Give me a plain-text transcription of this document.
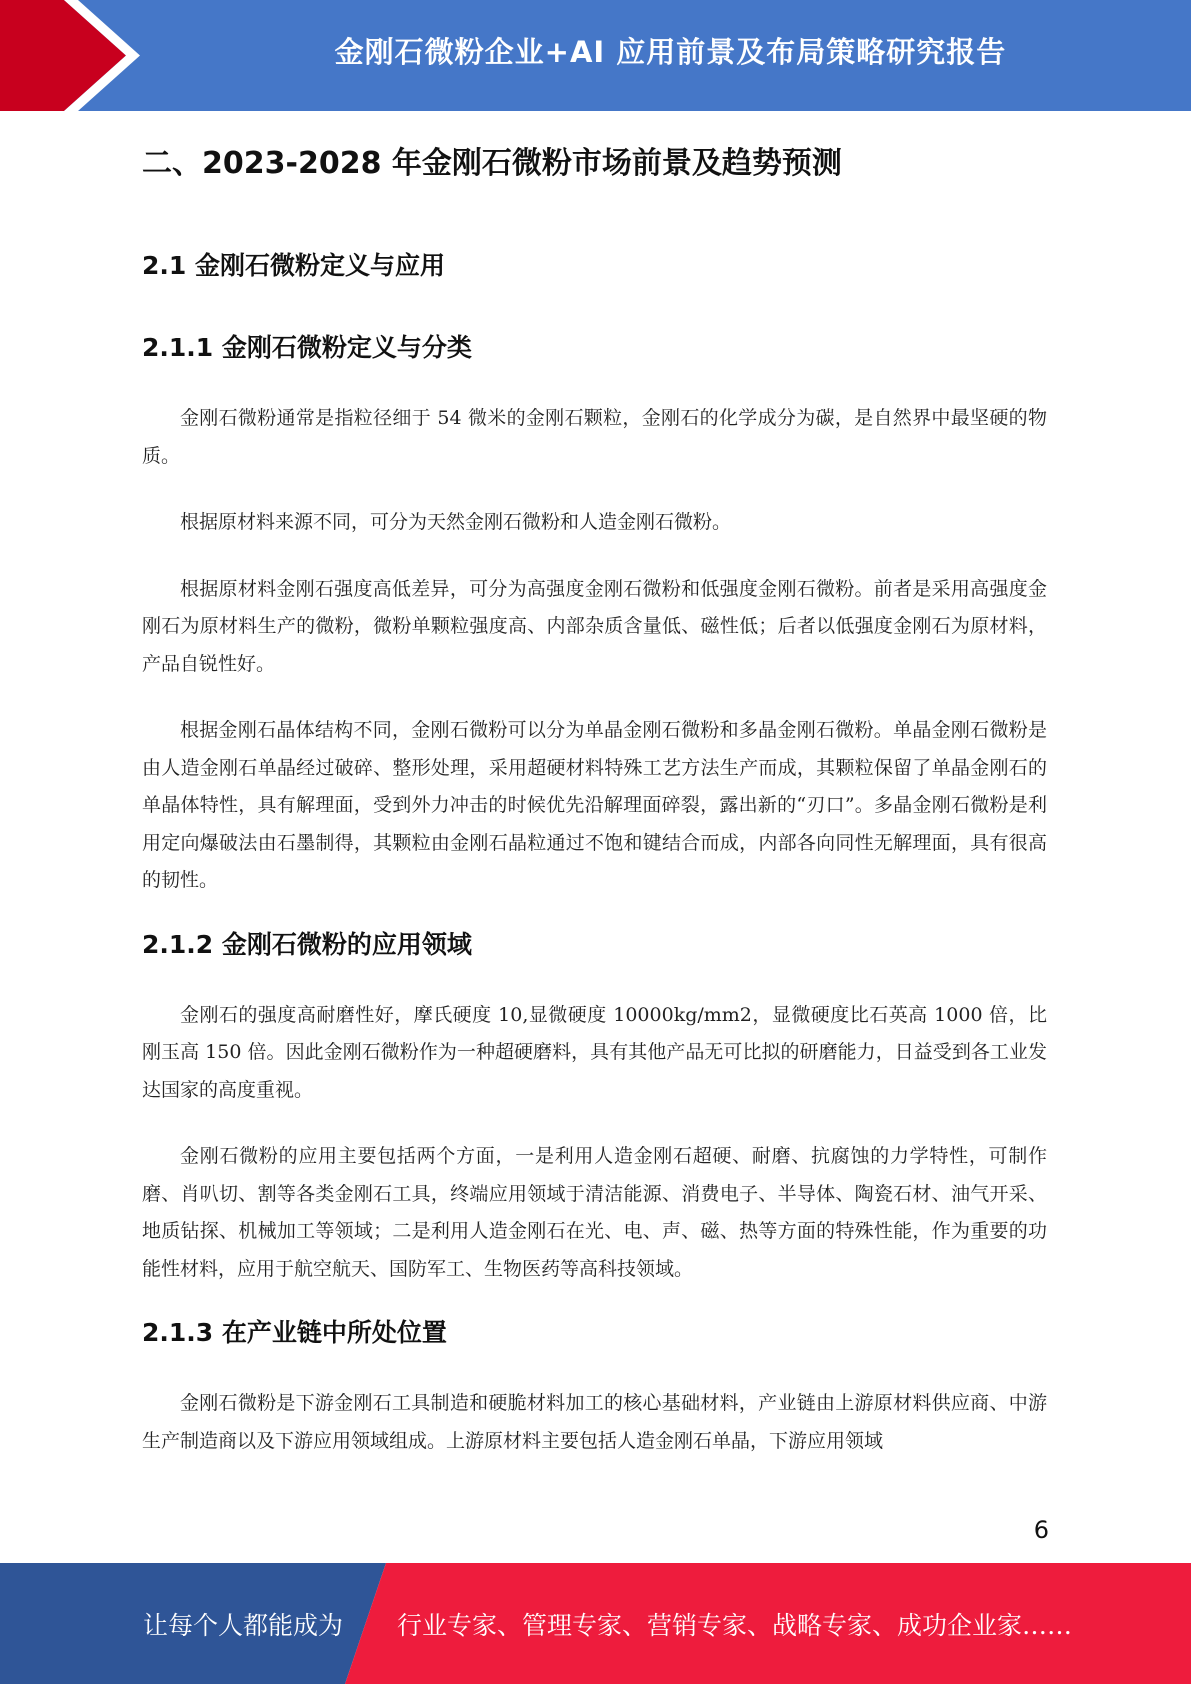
金刚石微粉企业+AI 应用前景及布局策略研究报告
二、2023-2028 年金刚石微粉市场前景及趋势预测
2.1 金刚石微粉定义与应用
2.1.1 金刚石微粉定义与分类

金刚石微粉通常是指粒径细于 54 微米的金刚石颗粒，金刚石的化学成分为碳，是自然界中最坚硬的物质。

根据原材料来源不同，可分为天然金刚石微粉和人造金刚石微粉。

根据原材料金刚石强度高低差异，可分为高强度金刚石微粉和低强度金刚石微粉。前者是采用高强度金刚石为原材料生产的微粉，微粉单颗粒强度高、内部杂质含量低、磁性低；后者以低强度金刚石为原材料，产品自锐性好。

根据金刚石晶体结构不同，金刚石微粉可以分为单晶金刚石微粉和多晶金刚石微粉。单晶金刚石微粉是由人造金刚石单晶经过破碎、整形处理，采用超硬材料特殊工艺方法生产而成，其颗粒保留了单晶金刚石的单晶体特性，具有解理面，受到外力冲击的时候优先沿解理面碎裂，露出新的“刃口”。多晶金刚石微粉是利用定向爆破法由石墨制得，其颗粒由金刚石晶粒通过不饱和键结合而成，内部各向同性无解理面，具有很高的韧性。

2.1.2 金刚石微粉的应用领域

金刚石的强度高耐磨性好，摩氏硬度 10,显微硬度 10000kg/mm2，显微硬度比石英高 1000 倍，比刚玉高 150 倍。因此金刚石微粉作为一种超硬磨料，具有其他产品无可比拟的研磨能力，日益受到各工业发达国家的高度重视。

金刚石微粉的应用主要包括两个方面，一是利用人造金刚石超硬、耐磨、抗腐蚀的力学特性，可制作磨、肖叭切、割等各类金刚石工具，终端应用领域于清洁能源、消费电子、半导体、陶瓷石材、油气开采、地质钻探、机械加工等领域；二是利用人造金刚石在光、电、声、磁、热等方面的特殊性能，作为重要的功能性材料，应用于航空航天、国防军工、生物医药等高科技领域。

2.1.3 在产业链中所处位置

金刚石微粉是下游金刚石工具制造和硬脆材料加工的核心基础材料，产业链由上游原材料供应商、中游生产制造商以及下游应用领域组成。上游原材料主要包括人造金刚石单晶，下游应用领域

6
让每个人都能成为 行业专家、管理专家、营销专家、战略专家、成功企业家……
